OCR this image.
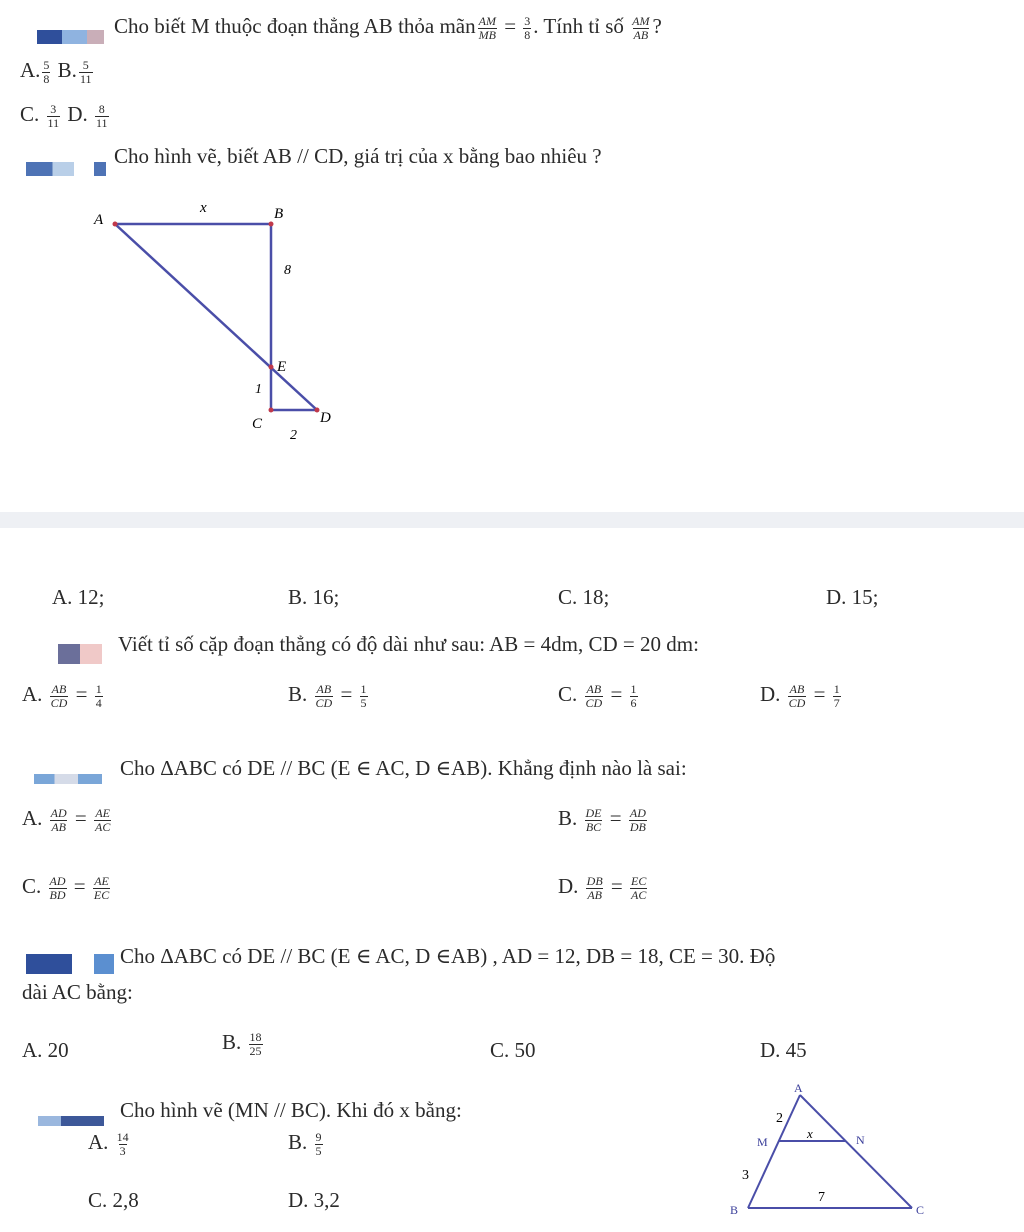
Cho biết M thuộc đoạn thẳng AB thỏa mãn $\frac{AM}{MB} = \frac{3}{8}$ . Tính tỉ số $\frac{AM}{AB}$ ?
A. $\frac{5}{8} B$. $\frac{5}{11}$
C. $\frac{3}{11} D$. $\frac{8}{11}$
Cho hình vẽ, biết AB // CD, giá trị của x bằng bao nhiêu ?
A	B
E
C	D
x
8
1
2
A. 12;	B. 16;	C. 18;	D. 15;
Viết tỉ số cặp đoạn thẳng có độ dài như sau: AB = 4dm, CD = 20 dm:
A. $\frac{AB}{CD} = \frac{1}{4}$	B. $\frac{AB}{CD} = \frac{1}{5}$	C. $\frac{AB}{CD} = \frac{1}{6}$	D. $\frac{AB}{CD} = \frac{1}{7}$
Cho ΔABC có DE // BC (E ∈ AC, D ∈AB). Khẳng định nào là sai:
A. $\frac{AD}{AB} = \frac{AE}{AC}$	B. $\frac{DE}{BC} = \frac{AD}{DB}$
C. $\frac{AD}{BD} = \frac{AE}{EC}$	D. $\frac{DB}{AB} = \frac{EC}{AC}$
Cho ΔABC có DE // BC (E ∈ AC, D ∈AB) , AD = 12, DB = 18, CE = 30. Độ
dài AC bằng:
A. 20	B. $\frac{18}{25}$	C. 50	D. 45
Cho hình vẽ (MN // BC). Khi đó x bằng:
A. $\frac{14}{3}$	B. $\frac{9}{5}$
C. 2,8	D. 3,2
A
M	N
B	C
2
3
x
7
